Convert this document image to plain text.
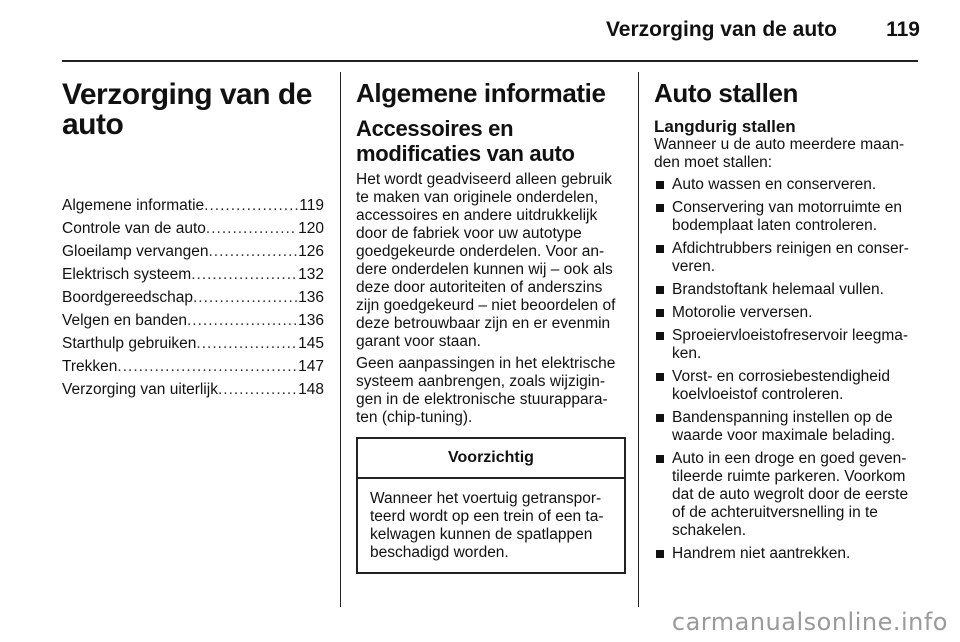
Verzorging van de auto 119
Verzorging van de auto
Algemene informatie .....	119
Controle van de auto .....	120
Gloeilamp vervangen .....	126
Elektrisch systeem .....	132
Boordgereedschap .....	136
Velgen en banden .....	136
Starthulp gebruiken .....	145
Trekken .....	147
Verzorging van uiterlijk .....	148
Algemene informatie
Accessoires en modificaties van auto

Het wordt geadviseerd alleen gebruik te maken van originele onderdelen, accessoires en andere uitdrukkelijk door de fabriek voor uw autotype goedgekeurde onderdelen. Voor andere onderdelen kunnen wij – ook als deze door autoriteiten of anderszins zijn goedgekeurd – niet beoordelen of deze betrouwbaar zijn en er evenmin garant voor staan.

Geen aanpassingen in het elektrische systeem aanbrengen, zoals wijzigingen in de elektronische stuurapparaten (chip-tuning).

Voorzichtig
Wanneer het voertuig getransporteerd wordt op een trein of een takelwagen kunnen de spatlappen beschadigd worden.
Auto stallen
Langdurig stallen

Wanneer u de auto meerdere maanden moet stallen:

Auto wassen en conserveren.
Conservering van motorruimte en bodemplaat laten controleren.
Afdichtrubbers reinigen en conserveren.
Brandstoftank helemaal vullen.
Motorolie verversen.
Sproeiervloeistofreservoir leegmaken.
Vorst- en corrosiebestendigheid koelvloeistof controleren.
Bandenspanning instellen op de waarde voor maximale belading.
Auto in een droge en goed geventileerde ruimte parkeren. Voorkom dat de auto wegrolt door de eerste of de achteruitversnelling in te schakelen.
Handrem niet aantrekken.
carmanualsonline.info
